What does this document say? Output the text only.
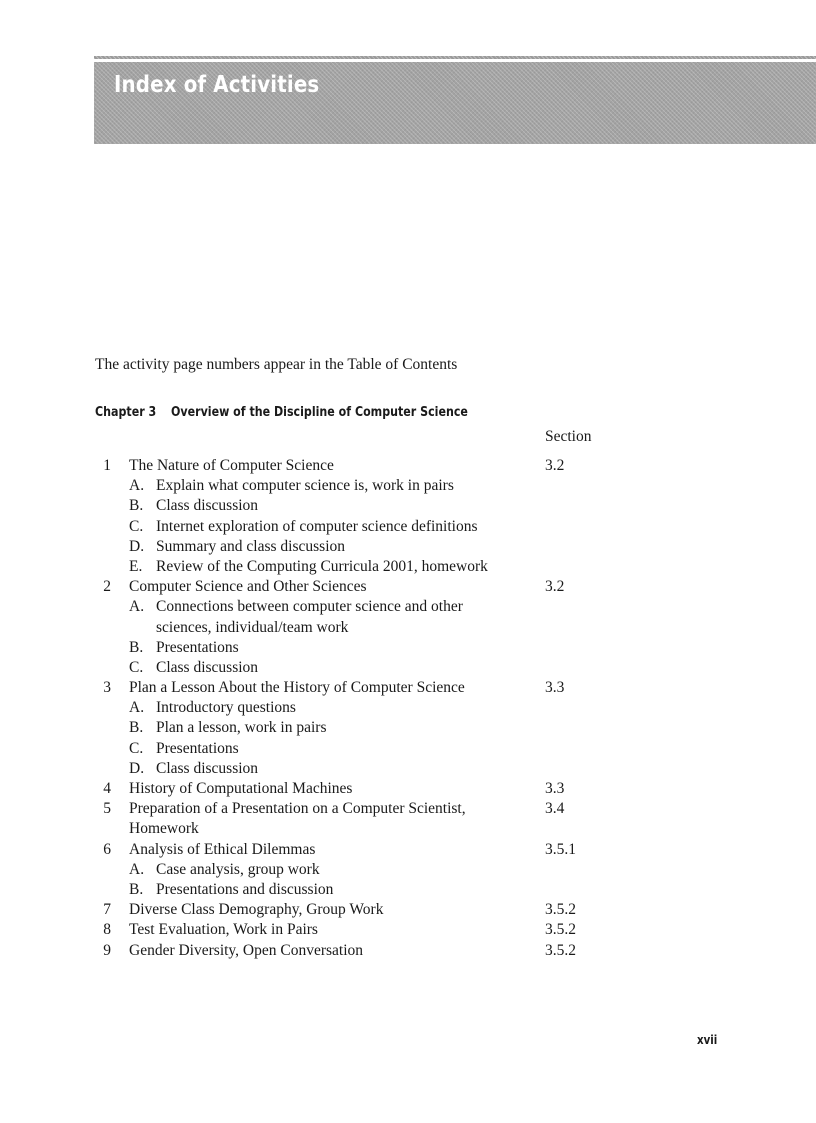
Index of Activities

The activity page numbers appear in the Table of Contents

Chapter 3 Overview of the Discipline of Computer Science
Section
1 The Nature of Computer Science	3.2
A. Explain what computer science is, work in pairs
B. Class discussion
C. Internet exploration of computer science definitions
D. Summary and class discussion
E. Review of the Computing Curricula 2001, homework
2 Computer Science and Other Sciences	3.2
A. Connections between computer science and other
sciences, individual/team work
B. Presentations
C. Class discussion
3 Plan a Lesson About the History of Computer Science	3.3
A. Introductory questions
B. Plan a lesson, work in pairs
C. Presentations
D. Class discussion
4 History of Computational Machines	3.3
5 Preparation of a Presentation on a Computer Scientist,	3.4
Homework
6 Analysis of Ethical Dilemmas	3.5.1
A. Case analysis, group work
B. Presentations and discussion
7 Diverse Class Demography, Group Work	3.5.2
8 Test Evaluation, Work in Pairs	3.5.2
9 Gender Diversity, Open Conversation	3.5.2
xvii
